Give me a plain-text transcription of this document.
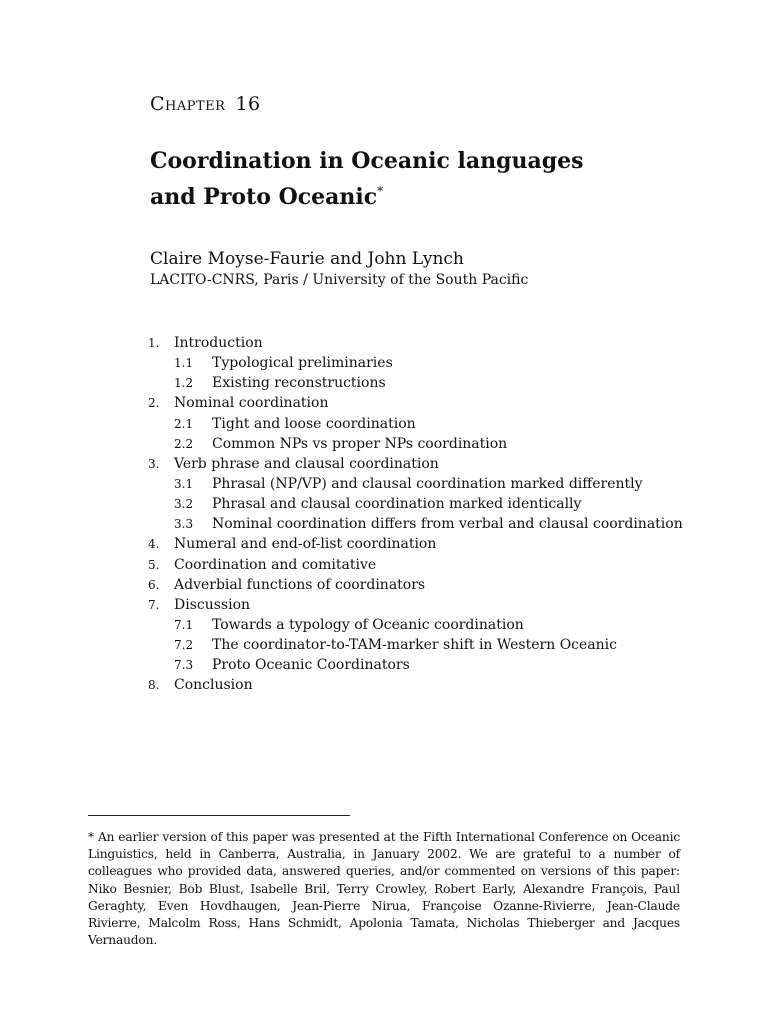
Chapter 16
Coordination in Oceanic languages
and Proto Oceanic*
Claire Moyse-Faurie and John Lynch
LACITO-CNRS, Paris / University of the South Pacific
1.	Introduction
1.1	Typological preliminaries
1.2	Existing reconstructions
2.	Nominal coordination
2.1	Tight and loose coordination
2.2	Common NPs vs proper NPs coordination
3.	Verb phrase and clausal coordination
3.1	Phrasal (NP/VP) and clausal coordination marked differently
3.2	Phrasal and clausal coordination marked identically
3.3	Nominal coordination differs from verbal and clausal coordination
4.	Numeral and end-of-list coordination
5.	Coordination and comitative
6.	Adverbial functions of coordinators
7.	Discussion
7.1	Towards a typology of Oceanic coordination
7.2	The coordinator-to-TAM-marker shift in Western Oceanic
7.3	Proto Oceanic Coordinators
8.	Conclusion
* An earlier version of this paper was presented at the Fifth International Conference on Oceanic Linguistics, held in Canberra, Australia, in January 2002. We are grateful to a number of colleagues who provided data, answered queries, and/or commented on versions of this paper: Niko Besnier, Bob Blust, Isabelle Bril, Terry Crowley, Robert Early, Alexandre François, Paul Geraghty, Even Hovdhaugen, Jean-Pierre Nirua, Françoise Ozanne-Rivierre, Jean-Claude Rivierre, Malcolm Ross, Hans Schmidt, Apolonia Tamata, Nicholas Thieberger and Jacques Vernaudon.
